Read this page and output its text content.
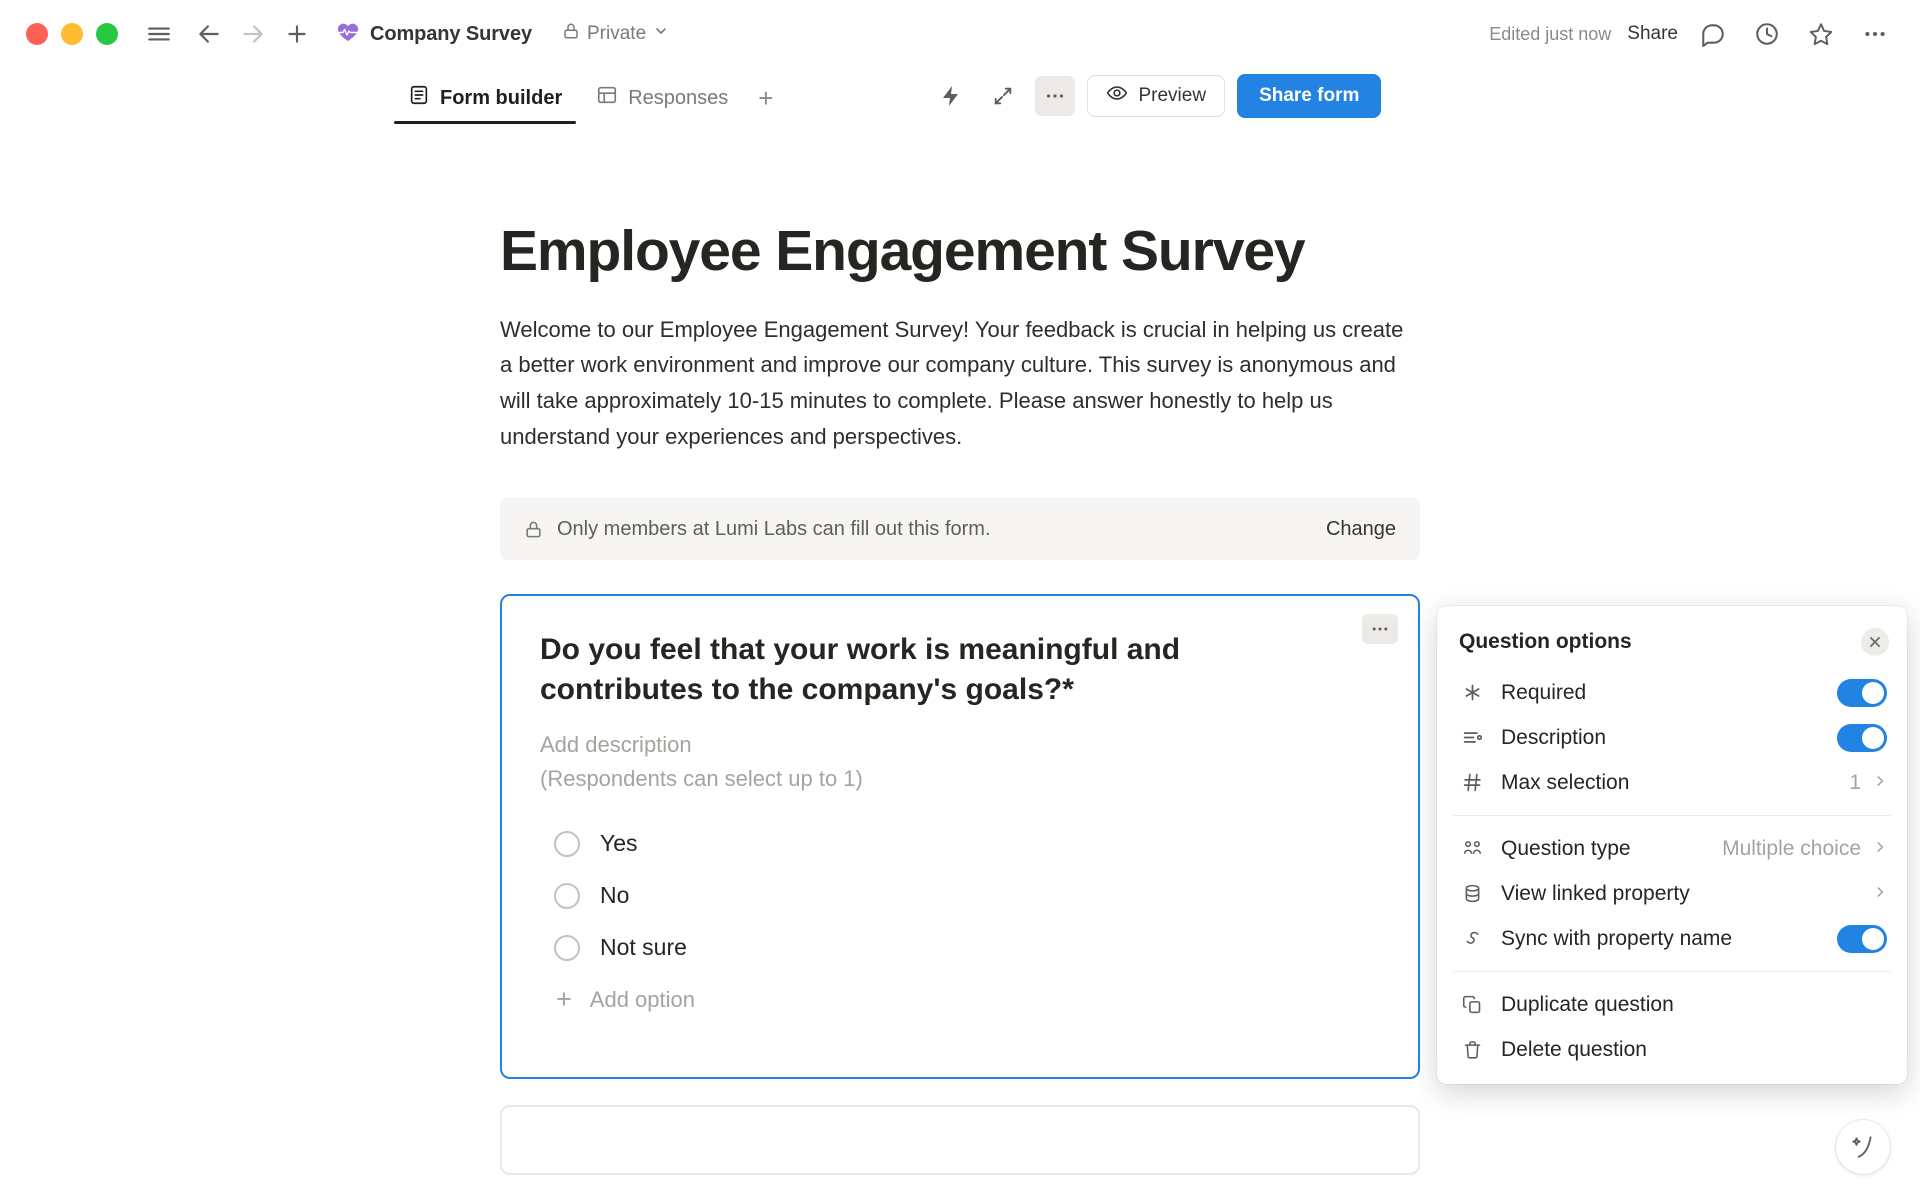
Company Survey	Private	Edited just now Share
Form builder	Responses	+	Preview	Share form
Employee Engagement Survey

Welcome to our Employee Engagement Survey! Your feedback is crucial in helping us create a better work environment and improve our company culture. This survey is anonymous and will take approximately 10-15 minutes to complete. Please answer honestly to help us understand your experiences and perspectives.

Only members at Lumi Labs can fill out this form.	Change
Do you feel that your work is meaningful and contributes to the company's goals?*
Add description
(Respondents can select up to 1)
Yes
No
Not sure
+ Add option
Question options
Required
Description
Max selection	1
Question type	Multiple choice
View linked property
Sync with property name
Duplicate question
Delete question
